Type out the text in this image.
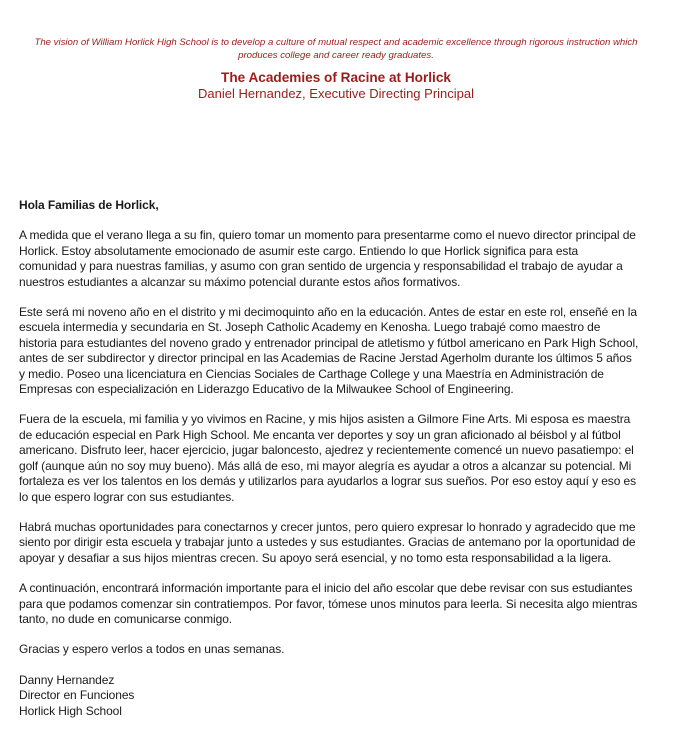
The vision of William Horlick High School is to develop a culture of mutual respect and academic excellence through rigorous instruction which produces college and career ready graduates.
The Academies of Racine at Horlick
Daniel Hernandez, Executive Directing Principal
Hola Familias de Horlick,
A medida que el verano llega a su fin, quiero tomar un momento para presentarme como el nuevo director principal de Horlick. Estoy absolutamente emocionado de asumir este cargo. Entiendo lo que Horlick significa para esta comunidad y para nuestras familias, y asumo con gran sentido de urgencia y responsabilidad el trabajo de ayudar a nuestros estudiantes a alcanzar su máximo potencial durante estos años formativos.
Este será mi noveno año en el distrito y mi decimoquinto año en la educación. Antes de estar en este rol, enseñé en la escuela intermedia y secundaria en St. Joseph Catholic Academy en Kenosha. Luego trabajé como maestro de historia para estudiantes del noveno grado y entrenador principal de atletismo y fútbol americano en Park High School, antes de ser subdirector y director principal en las Academias de Racine Jerstad Agerholm durante los últimos 5 años y medio. Poseo una licenciatura en Ciencias Sociales de Carthage College y una Maestría en Administración de Empresas con especialización en Liderazgo Educativo de la Milwaukee School of Engineering.
Fuera de la escuela, mi familia y yo vivimos en Racine, y mis hijos asisten a Gilmore Fine Arts. Mi esposa es maestra de educación especial en Park High School. Me encanta ver deportes y soy un gran aficionado al béisbol y al fútbol americano. Disfruto leer, hacer ejercicio, jugar baloncesto, ajedrez y recientemente comencé un nuevo pasatiempo: el golf (aunque aún no soy muy bueno). Más allá de eso, mi mayor alegría es ayudar a otros a alcanzar su potencial. Mi fortaleza es ver los talentos en los demás y utilizarlos para ayudarlos a lograr sus sueños. Por eso estoy aquí y eso es lo que espero lograr con sus estudiantes.
Habrá muchas oportunidades para conectarnos y crecer juntos, pero quiero expresar lo honrado y agradecido que me siento por dirigir esta escuela y trabajar junto a ustedes y sus estudiantes. Gracias de antemano por la oportunidad de apoyar y desafiar a sus hijos mientras crecen. Su apoyo será esencial, y no tomo esta responsabilidad a la ligera.
A continuación, encontrará información importante para el inicio del año escolar que debe revisar con sus estudiantes para que podamos comenzar sin contratiempos. Por favor, tómese unos minutos para leerla. Si necesita algo mientras tanto, no dude en comunicarse conmigo.
Gracias y espero verlos a todos en unas semanas.
Danny Hernandez
Director en Funciones
Horlick High School
